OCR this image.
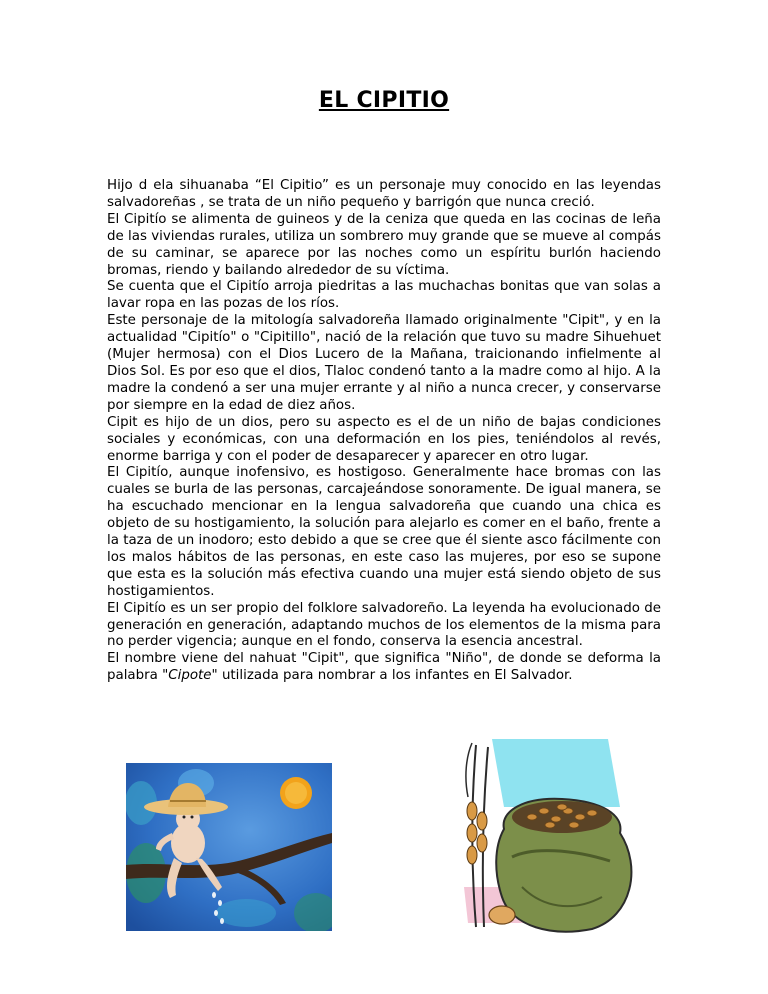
EL CIPITIO

Hijo d ela sihuanaba “El Cipitio” es un personaje muy conocido en las leyendas salvadoreñas , se trata de un niño pequeño y barrigón que nunca creció.

El Cipitío se alimenta de guineos y de la ceniza que queda en las cocinas de leña de las viviendas rurales, utiliza un sombrero muy grande que se mueve al compás de su caminar, se aparece por las noches como un espíritu burlón haciendo bromas, riendo y bailando alrededor de su víctima.

Se cuenta que el Cipitío arroja piedritas a las muchachas bonitas que van solas a lavar ropa en las pozas de los ríos.

Este personaje de la mitología salvadoreña llamado originalmente "Cipit", y en la actualidad "Cipitío" o "Cipitillo", nació de la relación que tuvo su madre Sihuehuet (Mujer hermosa) con el Dios Lucero de la Mañana, traicionando infielmente al Dios Sol. Es por eso que el dios, Tlaloc condenó tanto a la madre como al hijo. A la madre la condenó a ser una mujer errante y al niño a nunca crecer, y conservarse por siempre en la edad de diez años.

Cipit es hijo de un dios, pero su aspecto es el de un niño de bajas condiciones sociales y económicas, con una deformación en los pies, teniéndolos al revés, enorme barriga y con el poder de desaparecer y aparecer en otro lugar.

El Cipitío, aunque inofensivo, es hostigoso. Generalmente hace bromas con las cuales se burla de las personas, carcajeándose sonoramente. De igual manera, se ha escuchado mencionar en la lengua salvadoreña que cuando una chica es objeto de su hostigamiento, la solución para alejarlo es comer en el baño, frente a la taza de un inodoro; esto debido a que se cree que él siente asco fácilmente con los malos hábitos de las personas, en este caso las mujeres, por eso se supone que esta es la solución más efectiva cuando una mujer está siendo objeto de sus hostigamientos.

El Cipitío es un ser propio del folklore salvadoreño. La leyenda ha evolucionado de generación en generación, adaptando muchos de los elementos de la misma para no perder vigencia; aunque en el fondo, conserva la esencia ancestral.

El nombre viene del nahuat "Cipit", que significa "Niño", de donde se deforma la palabra "Cipote" utilizada para nombrar a los infantes en El Salvador.
